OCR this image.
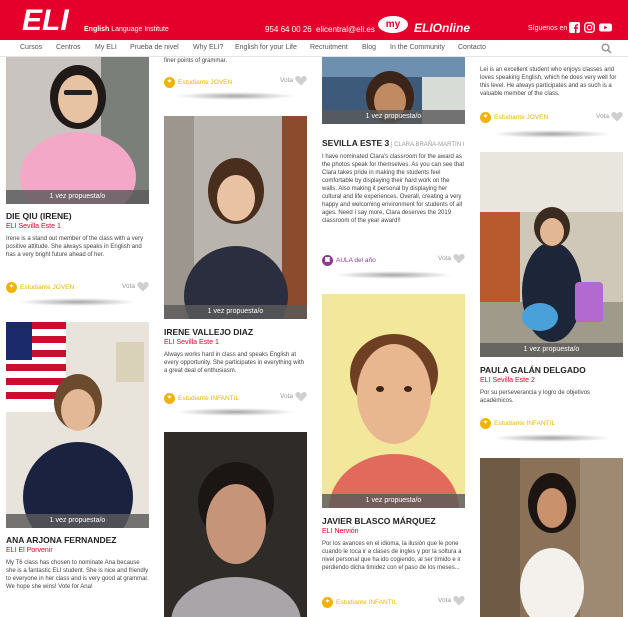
ELI English Language Institute	954 64 00 26 elicentral@eli.es	my	ELIOnline	Síguenos en
Cursos Centros My ELI Prueba de nivel Why ELI? English for your Life Recruitment Blog In the Community Contacto
1 vez propuesta/o
DIE QIU (IRENE)
ELI Sevilla Este 1
Irene is a stand out member of the class with a very positive attitude. She always speaks in English and has a very bright future ahead of her.
✦ Estudiante JOVEN	Vota
1 vez propuesta/o
ANA ARJONA FERNANDEZ
ELI El Porvenir
My T6 class has chosen to nominate Ana because she is a fantastic ELI student. She is nice and friendly to everyone in her class and is very good at grammar. We hope she wins! Vote for Ana!
finer points of grammar.
✦ Estudiante JOVEN	Vota
1 vez propuesta/o
IRENE VALLEJO DIAZ
ELI Sevilla Este 1
Always works hard in class and speaks English at every opportunity. She participates in everything with a great deal of enthusiasm.
✦ Estudiante INFANTIL	Vota
1 vez propuesta/o
SEVILLA ESTE 3 | CLARA BRAÑA-MARTIN I
I have nominated Clara's classroom for the award as the photos speak for themselves. As you can see that Clara takes pride in making the students feel comfortable by displaying their hard work on the walls. Also making it personal by displaying her cultural and life experiences. Overall, creating a very happy and welcoming environment for students of all ages. Need I say more, Clara deserves the 2019 classroom of the year award!!
▣ AULA del año	Vota
1 vez propuesta/o
JAVIER BLASCO MÁRQUEZ
ELI Nervión
Por los avances en el idioma, la ilusión que le pone cuando le toca ir a clases de ingles y por la soltura a nivel personal que ha ido cogiendo, al ser tímido e ir perdiendo dicha timidez con el paso de los meses...
✦ Estudiante INFANTIL	Vota
Lei is an excellent student who enjoys classes and loves speaking English, which he does very well for this level. He always participates and as such is a valuable member of the class.
✦ Estudiante JOVEN	Vota
1 vez propuesta/o
PAULA GALÁN DELGADO
ELI Sevilla Este 2
Por su perseverancia y logro de objetivos académicos.
✦ Estudiante INFANTIL
